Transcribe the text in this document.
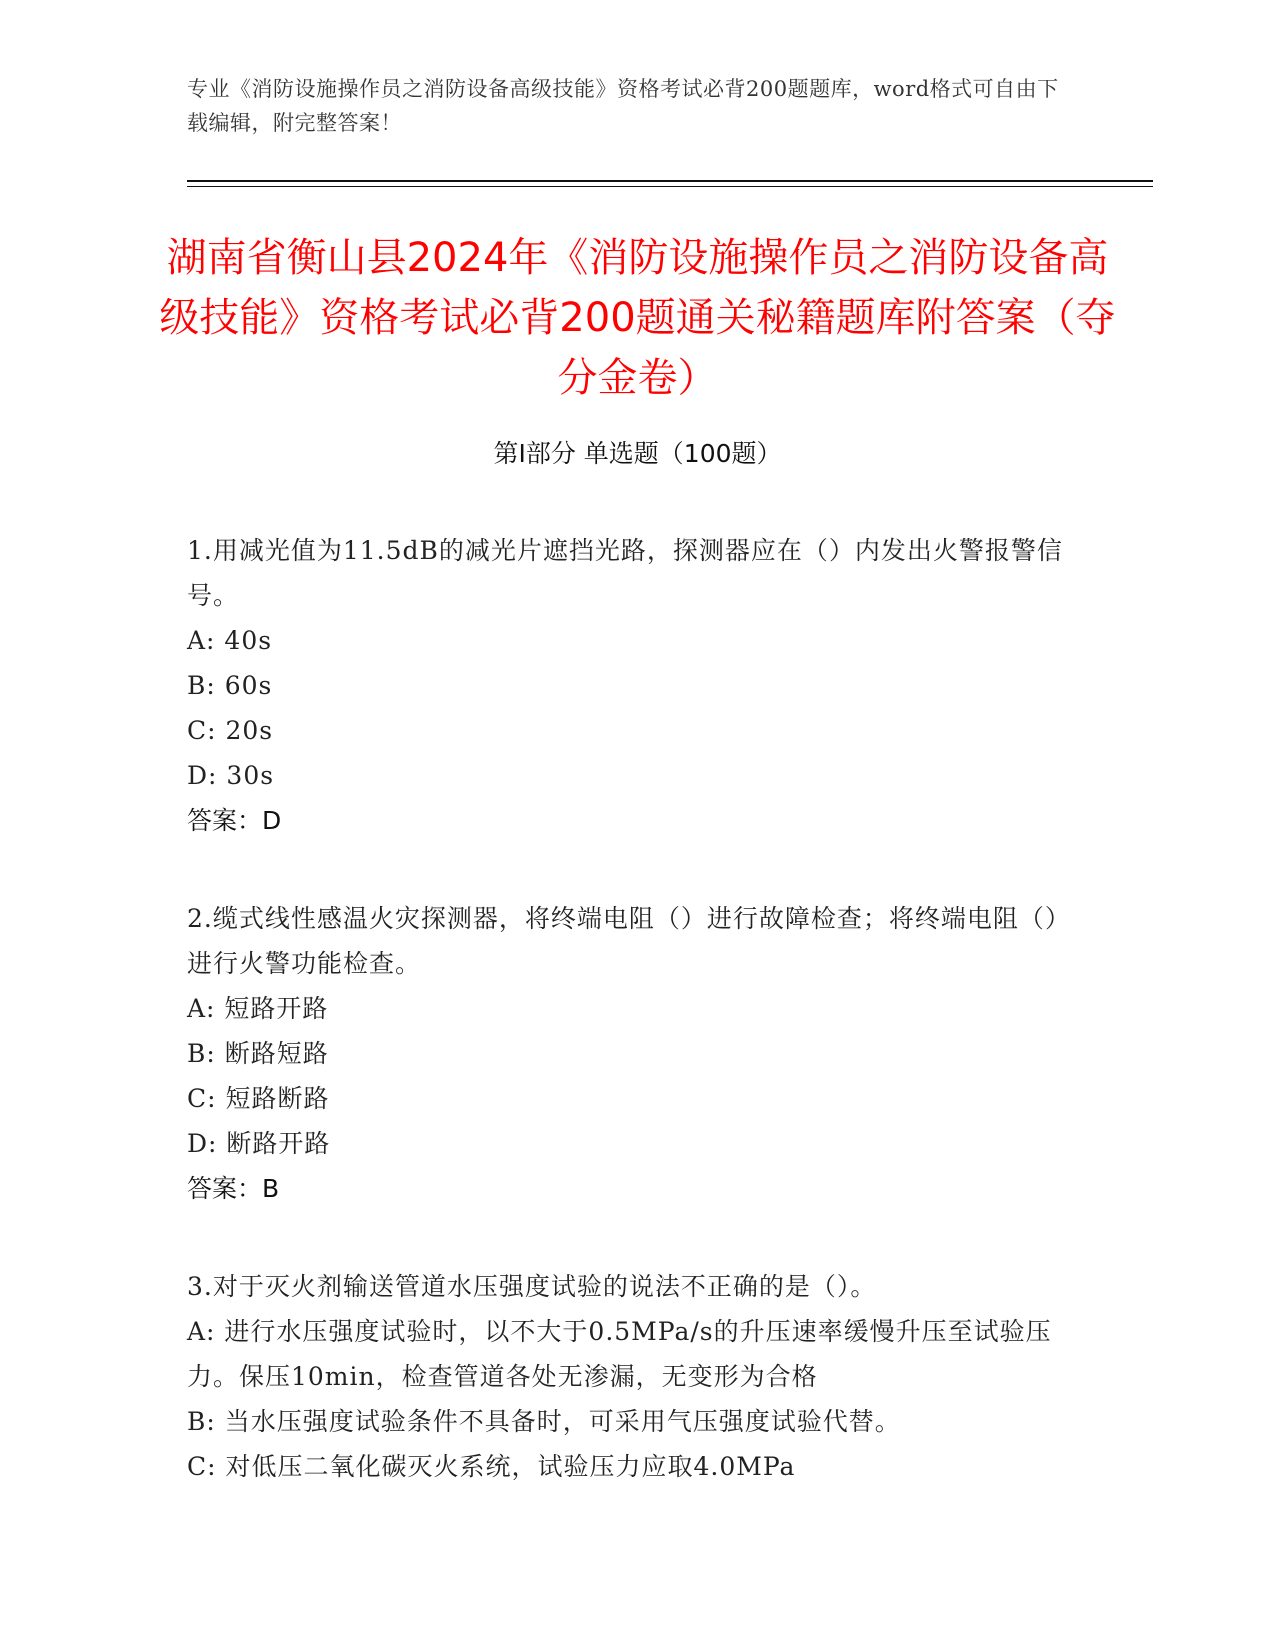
专业《消防设施操作员之消防设备高级技能》资格考试必背200题题库，word格式可自由下载编辑，附完整答案！
湖南省衡山县2024年《消防设施操作员之消防设备高级技能》资格考试必背200题通关秘籍题库附答案（夺分金卷）
第Ⅰ部分 单选题（100题）
1.用减光值为11.5dB的减光片遮挡光路，探测器应在（）内发出火警报警信号。
A: 40s
B: 60s
C: 20s
D: 30s
答案：D
2.缆式线性感温火灾探测器，将终端电阻（）进行故障检查；将终端电阻（）进行火警功能检查。
A: 短路开路
B: 断路短路
C: 短路断路
D: 断路开路
答案：B
3.对于灭火剂输送管道水压强度试验的说法不正确的是（）。
A: 进行水压强度试验时，以不大于0.5MPa/s的升压速率缓慢升压至试验压力。保压10min，检查管道各处无渗漏，无变形为合格
B: 当水压强度试验条件不具备时，可采用气压强度试验代替。
C: 对低压二氧化碳灭火系统，试验压力应取4.0MPa
